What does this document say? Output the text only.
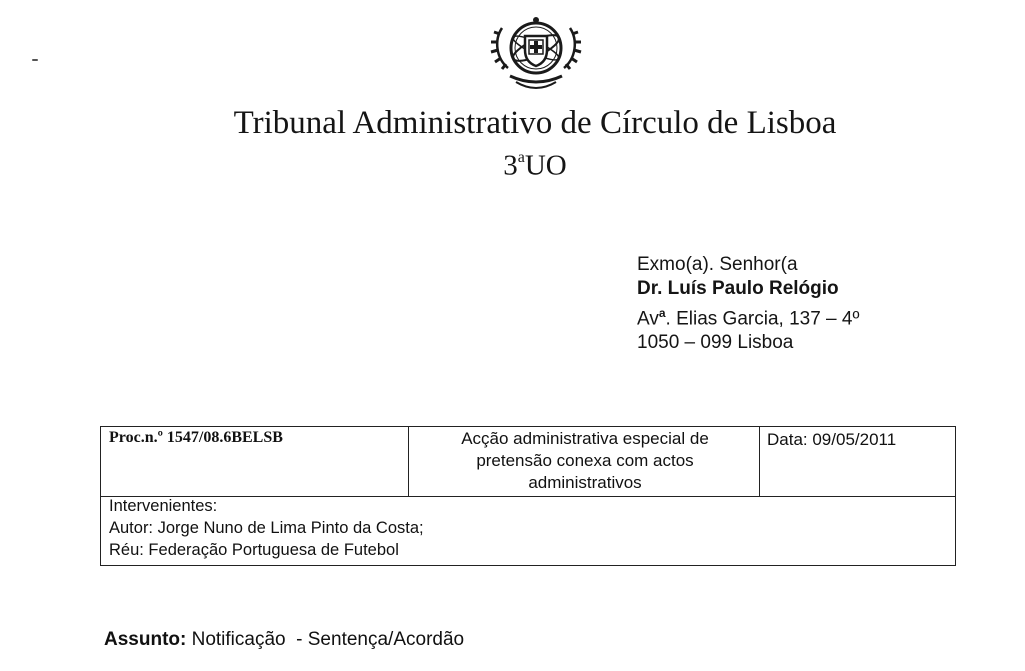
Tribunal Administrativo de Círculo de Lisboa
3$^a$UO
Exmo(a). Senhor(a
Dr. Luís Paulo Relógio
Av$^a$. Elias Garcia, 137 – 4º
1050 – 099 Lisboa
Proc.n.º 1547/08.6BELSB	Acção administrativa especial de
pretensão conexa com actos
administrativos
Data: 09/05/2011
Intervenientes:
Autor: Jorge Nuno de Lima Pinto da Costa;
Réu: Federação Portuguesa de Futebol
Assunto: Notificação  - Sentença/Acordão
